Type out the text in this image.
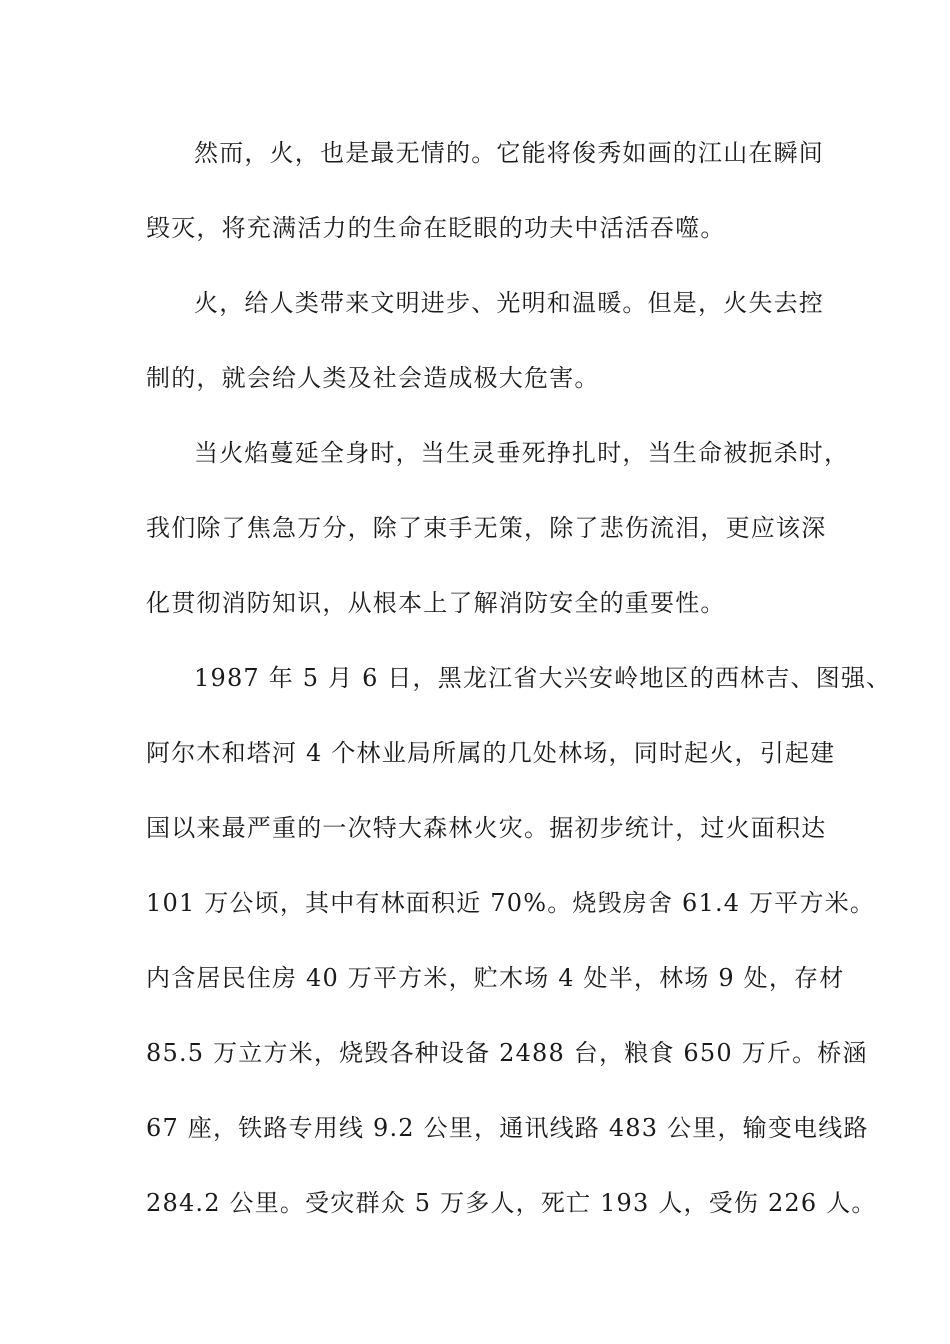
然而，火，也是最无情的。它能将俊秀如画的江山在瞬间
毁灭，将充满活力的生命在眨眼的功夫中活活吞噬。
火，给人类带来文明进步、光明和温暖。但是，火失去控
制的，就会给人类及社会造成极大危害。
当火焰蔓延全身时，当生灵垂死挣扎时，当生命被扼杀时，
我们除了焦急万分，除了束手无策，除了悲伤流泪，更应该深
化贯彻消防知识，从根本上了解消防安全的重要性。
1987 年 5 月 6 日，黑龙江省大兴安岭地区的西林吉、图强、
阿尔木和塔河 4 个林业局所属的几处林场，同时起火，引起建
国以来最严重的一次特大森林火灾。据初步统计，过火面积达
101 万公顷，其中有林面积近 70%。烧毁房舍 61.4 万平方米。
内含居民住房 40 万平方米，贮木场 4 处半，林场 9 处，存材
85.5 万立方米，烧毁各种设备 2488 台，粮食 650 万斤。桥涵
67 座，铁路专用线 9.2 公里，通讯线路 483 公里，输变电线路
284.2 公里。受灾群众 5 万多人，死亡 193 人，受伤 226 人。
